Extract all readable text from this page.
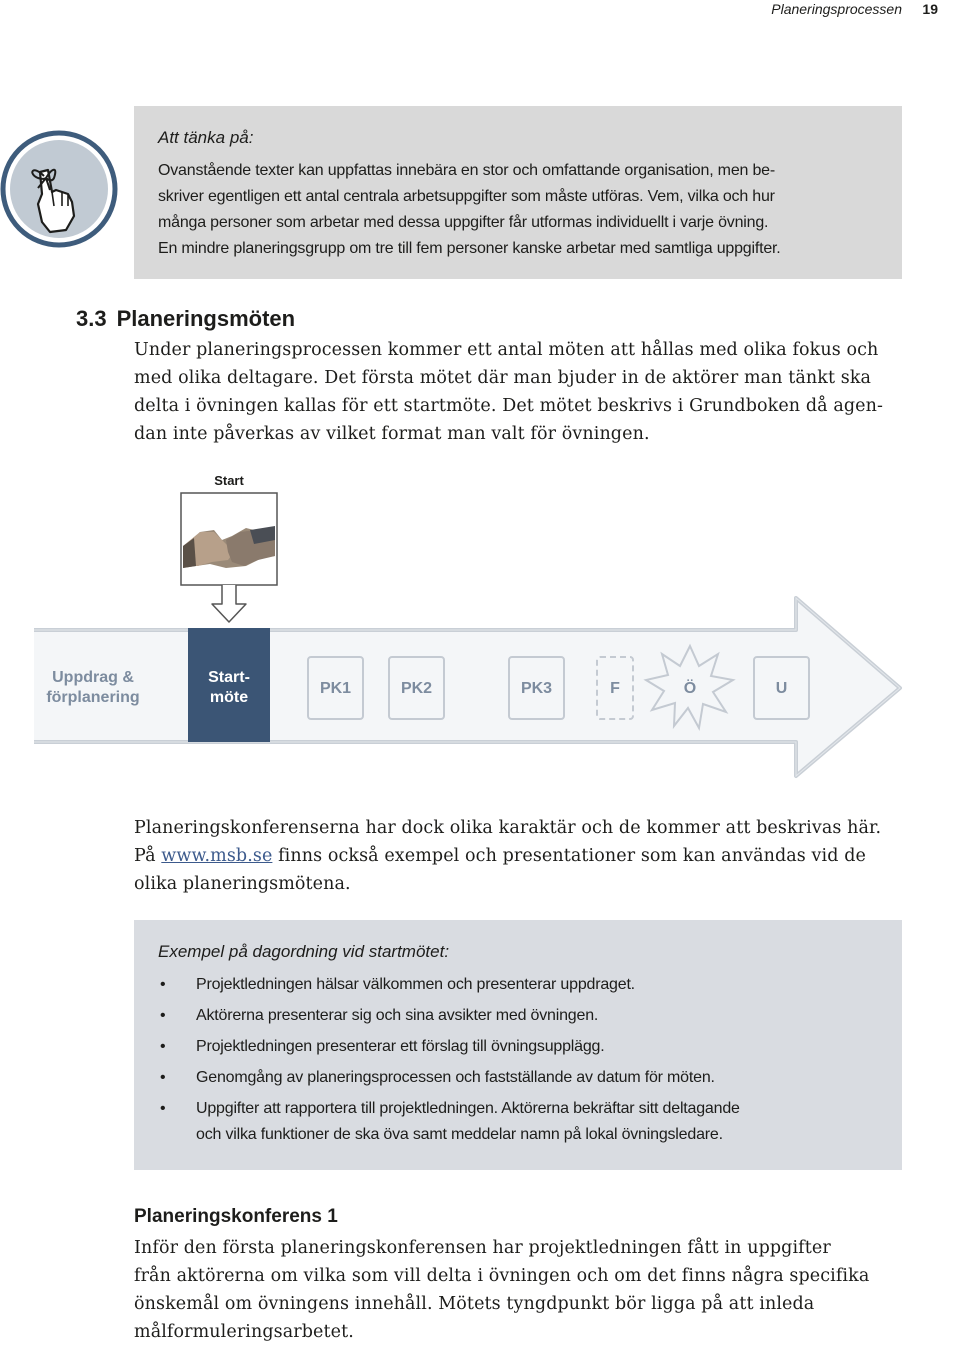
Planeringsprocessen 19
Att tänka på:
Ovanstående texter kan uppfattas innebära en stor och omfattande organisation, men be-
skriver egentligen ett antal centrala arbetsuppgifter som måste utföras. Vem, vilka och hur
många personer som arbetar med dessa uppgifter får utformas individuellt i varje övning.
En mindre planeringsgrupp om tre till fem personer kanske arbetar med samtliga uppgifter.
3.3 Planeringsmöten
Under planeringsprocessen kommer ett antal möten att hållas med olika fokus och
med olika deltagare. Det första mötet där man bjuder in de aktörer man tänkt ska
delta i övningen kallas för ett startmöte. Det mötet beskrivs i Grundboken då agen-
dan inte påverkas av vilket format man valt för övningen.
Start
Uppdrag &
förplanering
Start-
möte
PK1	PK2	PK3	F	Ö	U
Planeringskonferenserna har dock olika karaktär och de kommer att beskrivas här.
På www.msb.se finns också exempel och presentationer som kan användas vid de
olika planeringsmötena.
Exempel på dagordning vid startmötet:
• Projektledningen hälsar välkommen och presenterar uppdraget.
• Aktörerna presenterar sig och sina avsikter med övningen.
• Projektledningen presenterar ett förslag till övningsupplägg.
• Genomgång av planeringsprocessen och fastställande av datum för möten.
• Uppgifter att rapportera till projektledningen. Aktörerna bekräftar sitt deltagande
och vilka funktioner de ska öva samt meddelar namn på lokal övningsledare.
Planeringskonferens 1
Inför den första planeringskonferensen har projektledningen fått in uppgifter
från aktörerna om vilka som vill delta i övningen och om det finns några specifika
önskemål om övningens innehåll. Mötets tyngdpunkt bör ligga på att inleda
målformuleringsarbetet.
